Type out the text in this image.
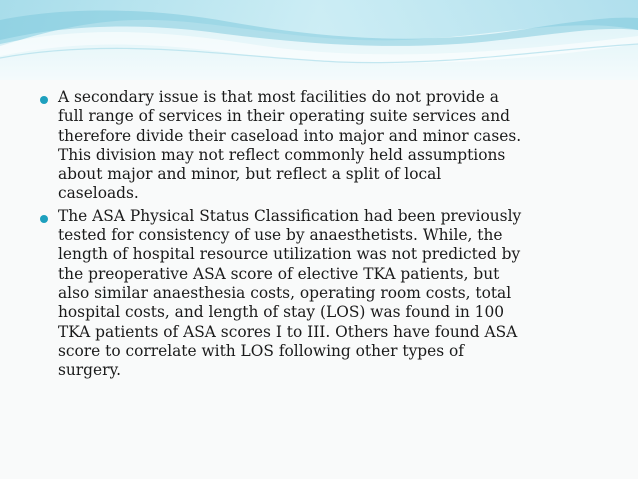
A secondary issue is that most facilities do not provide a
full range of services in their operating suite services and
therefore divide their caseload into major and minor cases.
This division may not reflect commonly held assumptions
about major and minor, but reflect a split of local
caseloads.
The ASA Physical Status Classification had been previously
tested for consistency of use by anaesthetists. While, the
length of hospital resource utilization was not predicted by
the preoperative ASA score of elective TKA patients, but
also similar anaesthesia costs, operating room costs, total
hospital costs, and length of stay (LOS) was found in 100
TKA patients of ASA scores I to III. Others have found ASA
score to correlate with LOS following other types of
surgery.
